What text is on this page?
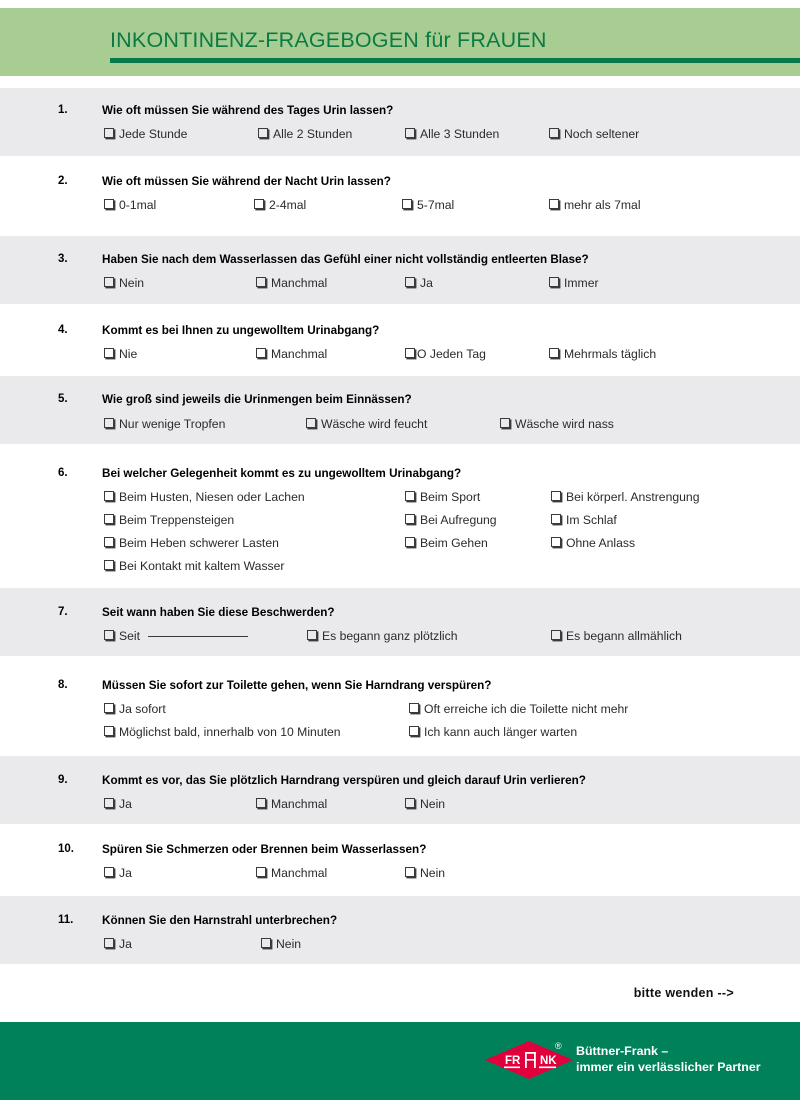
INKONTINENZ-FRAGEBOGEN für FRAUEN
1.	Wie oft müssen Sie während des Tages Urin lassen?
Jede Stunde	Alle 2 Stunden	Alle 3 Stunden	Noch seltener
2.	Wie oft müssen Sie während der Nacht Urin lassen?
0-1mal	2-4mal	5-7mal	mehr als 7mal
3.	Haben Sie nach dem Wasserlassen das Gefühl einer nicht vollständig entleerten Blase?
Nein	Manchmal	Ja	Immer
4.	Kommt es bei Ihnen zu ungewolltem Urinabgang?
Nie	Manchmal	O Jeden Tag	Mehrmals täglich
5.	Wie groß sind jeweils die Urinmengen beim Einnässen?
Nur wenige Tropfen	Wäsche wird feucht	Wäsche wird nass
6.	Bei welcher Gelegenheit kommt es zu ungewolltem Urinabgang?
Beim Husten, Niesen oder Lachen	Beim Sport	Bei körperl. Anstrengung
Beim Treppensteigen	Bei Aufregung	Im Schlaf
Beim Heben schwerer Lasten	Beim Gehen	Ohne Anlass
Bei Kontakt mit kaltem Wasser
7.	Seit wann haben Sie diese Beschwerden?
Seit	Es begann ganz plötzlich	Es begann allmählich
8.	Müssen Sie sofort zur Toilette gehen, wenn Sie Harndrang verspüren?
Ja sofort	Oft erreiche ich die Toilette nicht mehr
Möglichst bald, innerhalb von 10 Minuten	Ich kann auch länger warten
9.	Kommt es vor, das Sie plötzlich Harndrang verspüren und gleich darauf Urin verlieren?
Ja	Manchmal	Nein
10. Spüren Sie Schmerzen oder Brennen beim Wasserlassen?
Ja	Manchmal	Nein
11. Können Sie den Harnstrahl unterbrechen?
Ja	Nein
bitte wenden -->
FR NK
® Büttner-Frank –
immer ein verlässlicher Partner
